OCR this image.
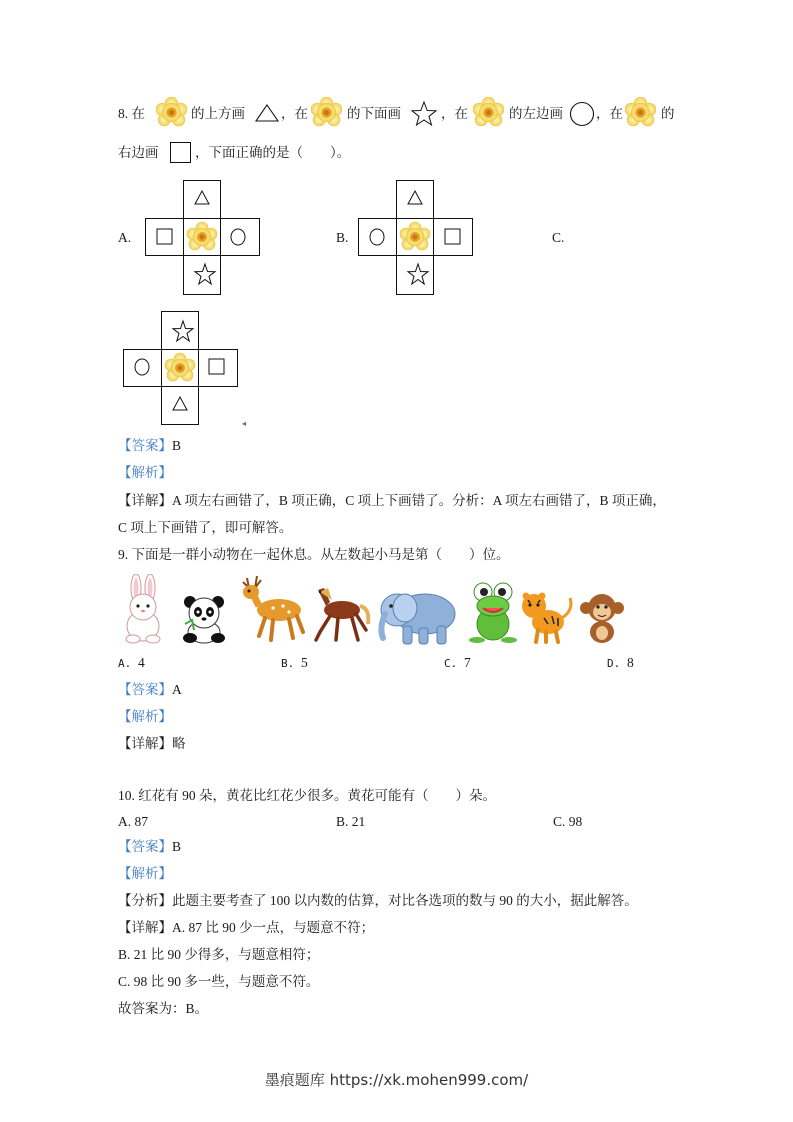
8. 在	的上方画	，在	的下面画	，在	的左边画 ，在	的
右边画	，下面正确的是（　　）。
A.	B.	C.
◂
【答案】B
【解析】
【详解】A 项左右画错了，B 项正确，C 项上下画错了。分析：A 项左右画错了，B 项正确，
C 项上下画错了，即可解答。
9. 下面是一群小动物在一起休息。从左数起小马是第（　　）位。
A. 4	B. 5	C. 7	D. 8
【答案】A
【解析】
【详解】略
10. 红花有 90 朵，黄花比红花少很多。黄花可能有（　　）朵。
A. 87	B. 21	C. 98
【答案】B
【解析】
【分析】此题主要考查了 100 以内数的估算，对比各选项的数与 90 的大小，据此解答。
【详解】A. 87 比 90 少一点，与题意不符；
B. 21 比 90 少得多，与题意相符；
C. 98 比 90 多一些，与题意不符。
故答案为：B。
墨痕题库 https://xk.mohen999.com/
